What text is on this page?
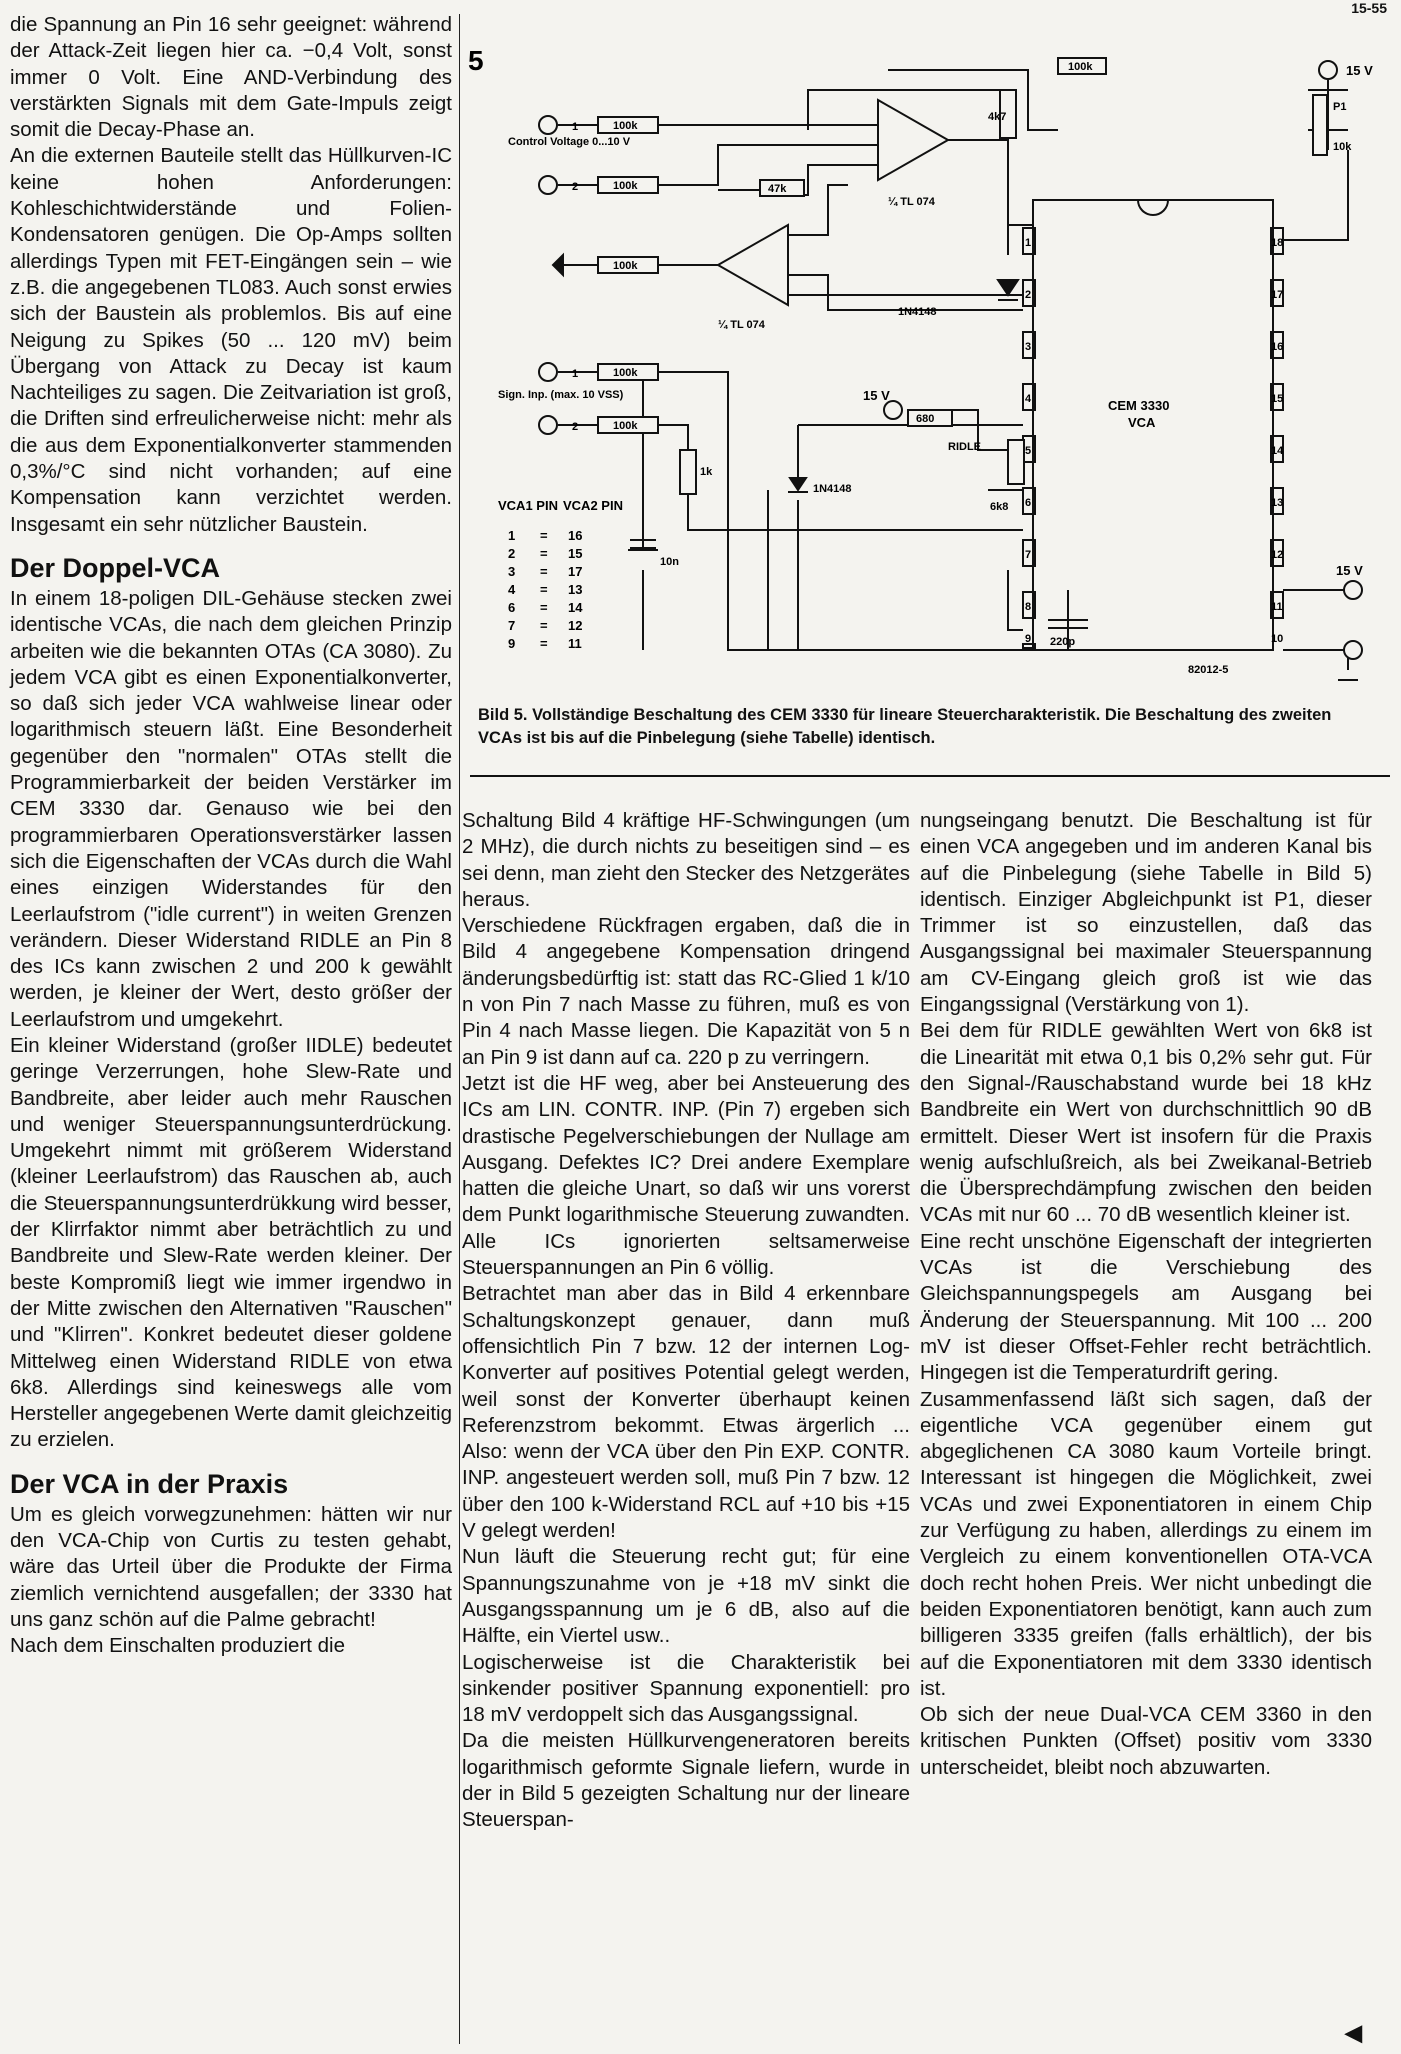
15-55

die Spannung an Pin 16 sehr geeignet: während der Attack-Zeit liegen hier ca. −0,4 Volt, sonst immer 0 Volt. Eine AND-Verbindung des verstärkten Signals mit dem Gate-Impuls zeigt somit die Decay-Phase an.

An die externen Bauteile stellt das Hüllkurven-IC keine hohen Anforderungen: Kohleschichtwiderstände und Folien-Kondensatoren genügen. Die Op-Amps sollten allerdings Typen mit FET-Eingängen sein – wie z.B. die angegebenen TL083. Auch sonst erwies sich der Baustein als problemlos. Bis auf eine Neigung zu Spikes (50 ... 120 mV) beim Übergang von Attack zu Decay ist kaum Nachteiliges zu sagen. Die Zeitvariation ist groß, die Driften sind erfreulicherweise nicht: mehr als die aus dem Exponentialkonverter stammenden 0,3%/°C sind nicht vorhanden; auf eine Kompensation kann verzichtet werden. Insgesamt ein sehr nützlicher Baustein.

Der Doppel-VCA

In einem 18-poligen DIL-Gehäuse stecken zwei identische VCAs, die nach dem gleichen Prinzip arbeiten wie die bekannten OTAs (CA 3080). Zu jedem VCA gibt es einen Exponentialkonverter, so daß sich jeder VCA wahlweise linear oder logarithmisch steuern läßt. Eine Besonderheit gegenüber den "normalen" OTAs stellt die Programmierbarkeit der beiden Verstärker im CEM 3330 dar. Genauso wie bei den programmierbaren Operationsverstärker lassen sich die Eigenschaften der VCAs durch die Wahl eines einzigen Widerstandes für den Leerlaufstrom ("idle current") in weiten Grenzen verändern. Dieser Widerstand RIDLE an Pin 8 des ICs kann zwischen 2 und 200 k gewählt werden, je kleiner der Wert, desto größer der Leerlaufstrom und umgekehrt.

Ein kleiner Widerstand (großer IIDLE) bedeutet geringe Verzerrungen, hohe Slew-Rate und Bandbreite, aber leider auch mehr Rauschen und weniger Steuerspannungsunterdrückung. Umgekehrt nimmt mit größerem Widerstand (kleiner Leerlaufstrom) das Rauschen ab, auch die Steuerspannungsunterdrükkung wird besser, der Klirrfaktor nimmt aber beträchtlich zu und Bandbreite und Slew-Rate werden kleiner. Der beste Kompromiß liegt wie immer irgendwo in der Mitte zwischen den Alternativen "Rauschen" und "Klirren". Konkret bedeutet dieser goldene Mittelweg einen Widerstand RIDLE von etwa 6k8. Allerdings sind keineswegs alle vom Hersteller angegebenen Werte damit gleichzeitig zu erzielen.

Der VCA in der Praxis

Um es gleich vorwegzunehmen: hätten wir nur den VCA-Chip von Curtis zu testen gehabt, wäre das Urteil über die Produkte der Firma ziemlich vernichtend ausgefallen; der 3330 hat uns ganz schön auf die Palme gebracht!

Nach dem Einschalten produziert die

1
2
1
2
5
Control Voltage 0...10 V
Sign. Inp. (max. 10 VSS)
15 V
15 V
15 V
P1
10k
100k
100k
100k
100k
100k
100k
47k
4k7
680
RIDLE
6k8
1k
10n
220p
¼ TL 074
¼ TL 074
1N4148
1N4148
CEM 3330
VCA
82012-5
1
2
3
4
5
6
7
8
9
18
17
16
15
14
13
12
11
10
VCA1 PIN VCA2 PIN
1 = 16
2 = 15
3 = 17
4 = 13
6 = 14
7 = 12
9 = 11
Bild 5. Vollständige Beschaltung des CEM 3330 für lineare Steuercharakteristik. Die Beschaltung des zweiten VCAs ist bis auf die Pinbelegung (siehe Tabelle) identisch.

Schaltung Bild 4 kräftige HF-Schwingungen (um 2 MHz), die durch nichts zu beseitigen sind – es sei denn, man zieht den Stecker des Netzgerätes heraus.

Verschiedene Rückfragen ergaben, daß die in Bild 4 angegebene Kompensation dringend änderungsbedürftig ist: statt das RC-Glied 1 k/10 n von Pin 7 nach Masse zu führen, muß es von Pin 4 nach Masse liegen. Die Kapazität von 5 n an Pin 9 ist dann auf ca. 220 p zu verringern.

Jetzt ist die HF weg, aber bei Ansteuerung des ICs am LIN. CONTR. INP. (Pin 7) ergeben sich drastische Pegelverschiebungen der Nullage am Ausgang. Defektes IC? Drei andere Exemplare hatten die gleiche Unart, so daß wir uns vorerst dem Punkt logarithmische Steuerung zuwandten. Alle ICs ignorierten seltsamerweise Steuerspannungen an Pin 6 völlig.

Betrachtet man aber das in Bild 4 erkennbare Schaltungskonzept genauer, dann muß offensichtlich Pin 7 bzw. 12 der internen Log-Konverter auf positives Potential gelegt werden, weil sonst der Konverter überhaupt keinen Referenzstrom bekommt. Etwas ärgerlich ... Also: wenn der VCA über den Pin EXP. CONTR. INP. angesteuert werden soll, muß Pin 7 bzw. 12 über den 100 k-Widerstand RCL auf +10 bis +15 V gelegt werden!

Nun läuft die Steuerung recht gut; für eine Spannungszunahme von je +18 mV sinkt die Ausgangsspannung um je 6 dB, also auf die Hälfte, ein Viertel usw..

Logischerweise ist die Charakteristik bei sinkender positiver Spannung exponentiell: pro 18 mV verdoppelt sich das Ausgangssignal.

Da die meisten Hüllkurvengeneratoren bereits logarithmisch geformte Signale liefern, wurde in der in Bild 5 gezeigten Schaltung nur der lineare Steuerspan-

nungseingang benutzt. Die Beschaltung ist für einen VCA angegeben und im anderen Kanal bis auf die Pinbelegung (siehe Tabelle in Bild 5) identisch. Einziger Abgleichpunkt ist P1, dieser Trimmer ist so einzustellen, daß das Ausgangssignal bei maximaler Steuerspannung am CV-Eingang gleich groß ist wie das Eingangssignal (Verstärkung von 1).

Bei dem für RIDLE gewählten Wert von 6k8 ist die Linearität mit etwa 0,1 bis 0,2% sehr gut. Für den Signal-/Rauschabstand wurde bei 18 kHz Bandbreite ein Wert von durchschnittlich 90 dB ermittelt. Dieser Wert ist insofern für die Praxis wenig aufschlußreich, als bei Zweikanal-Betrieb die Übersprechdämpfung zwischen den beiden VCAs mit nur 60 ... 70 dB wesentlich kleiner ist.

Eine recht unschöne Eigenschaft der integrierten VCAs ist die Verschiebung des Gleichspannungspegels am Ausgang bei Änderung der Steuerspannung. Mit 100 ... 200 mV ist dieser Offset-Fehler recht beträchtlich. Hingegen ist die Temperaturdrift gering.

Zusammenfassend läßt sich sagen, daß der eigentliche VCA gegenüber einem gut abgeglichenen CA 3080 kaum Vorteile bringt. Interessant ist hingegen die Möglichkeit, zwei VCAs und zwei Exponentiatoren in einem Chip zur Verfügung zu haben, allerdings zu einem im Vergleich zu einem konventionellen OTA-VCA doch recht hohen Preis. Wer nicht unbedingt die beiden Exponentiatoren benötigt, kann auch zum billigeren 3335 greifen (falls erhältlich), der bis auf die Exponentiatoren mit dem 3330 identisch ist.

Ob sich der neue Dual-VCA CEM 3360 in den kritischen Punkten (Offset) positiv vom 3330 unterscheidet, bleibt noch abzuwarten.

◀
